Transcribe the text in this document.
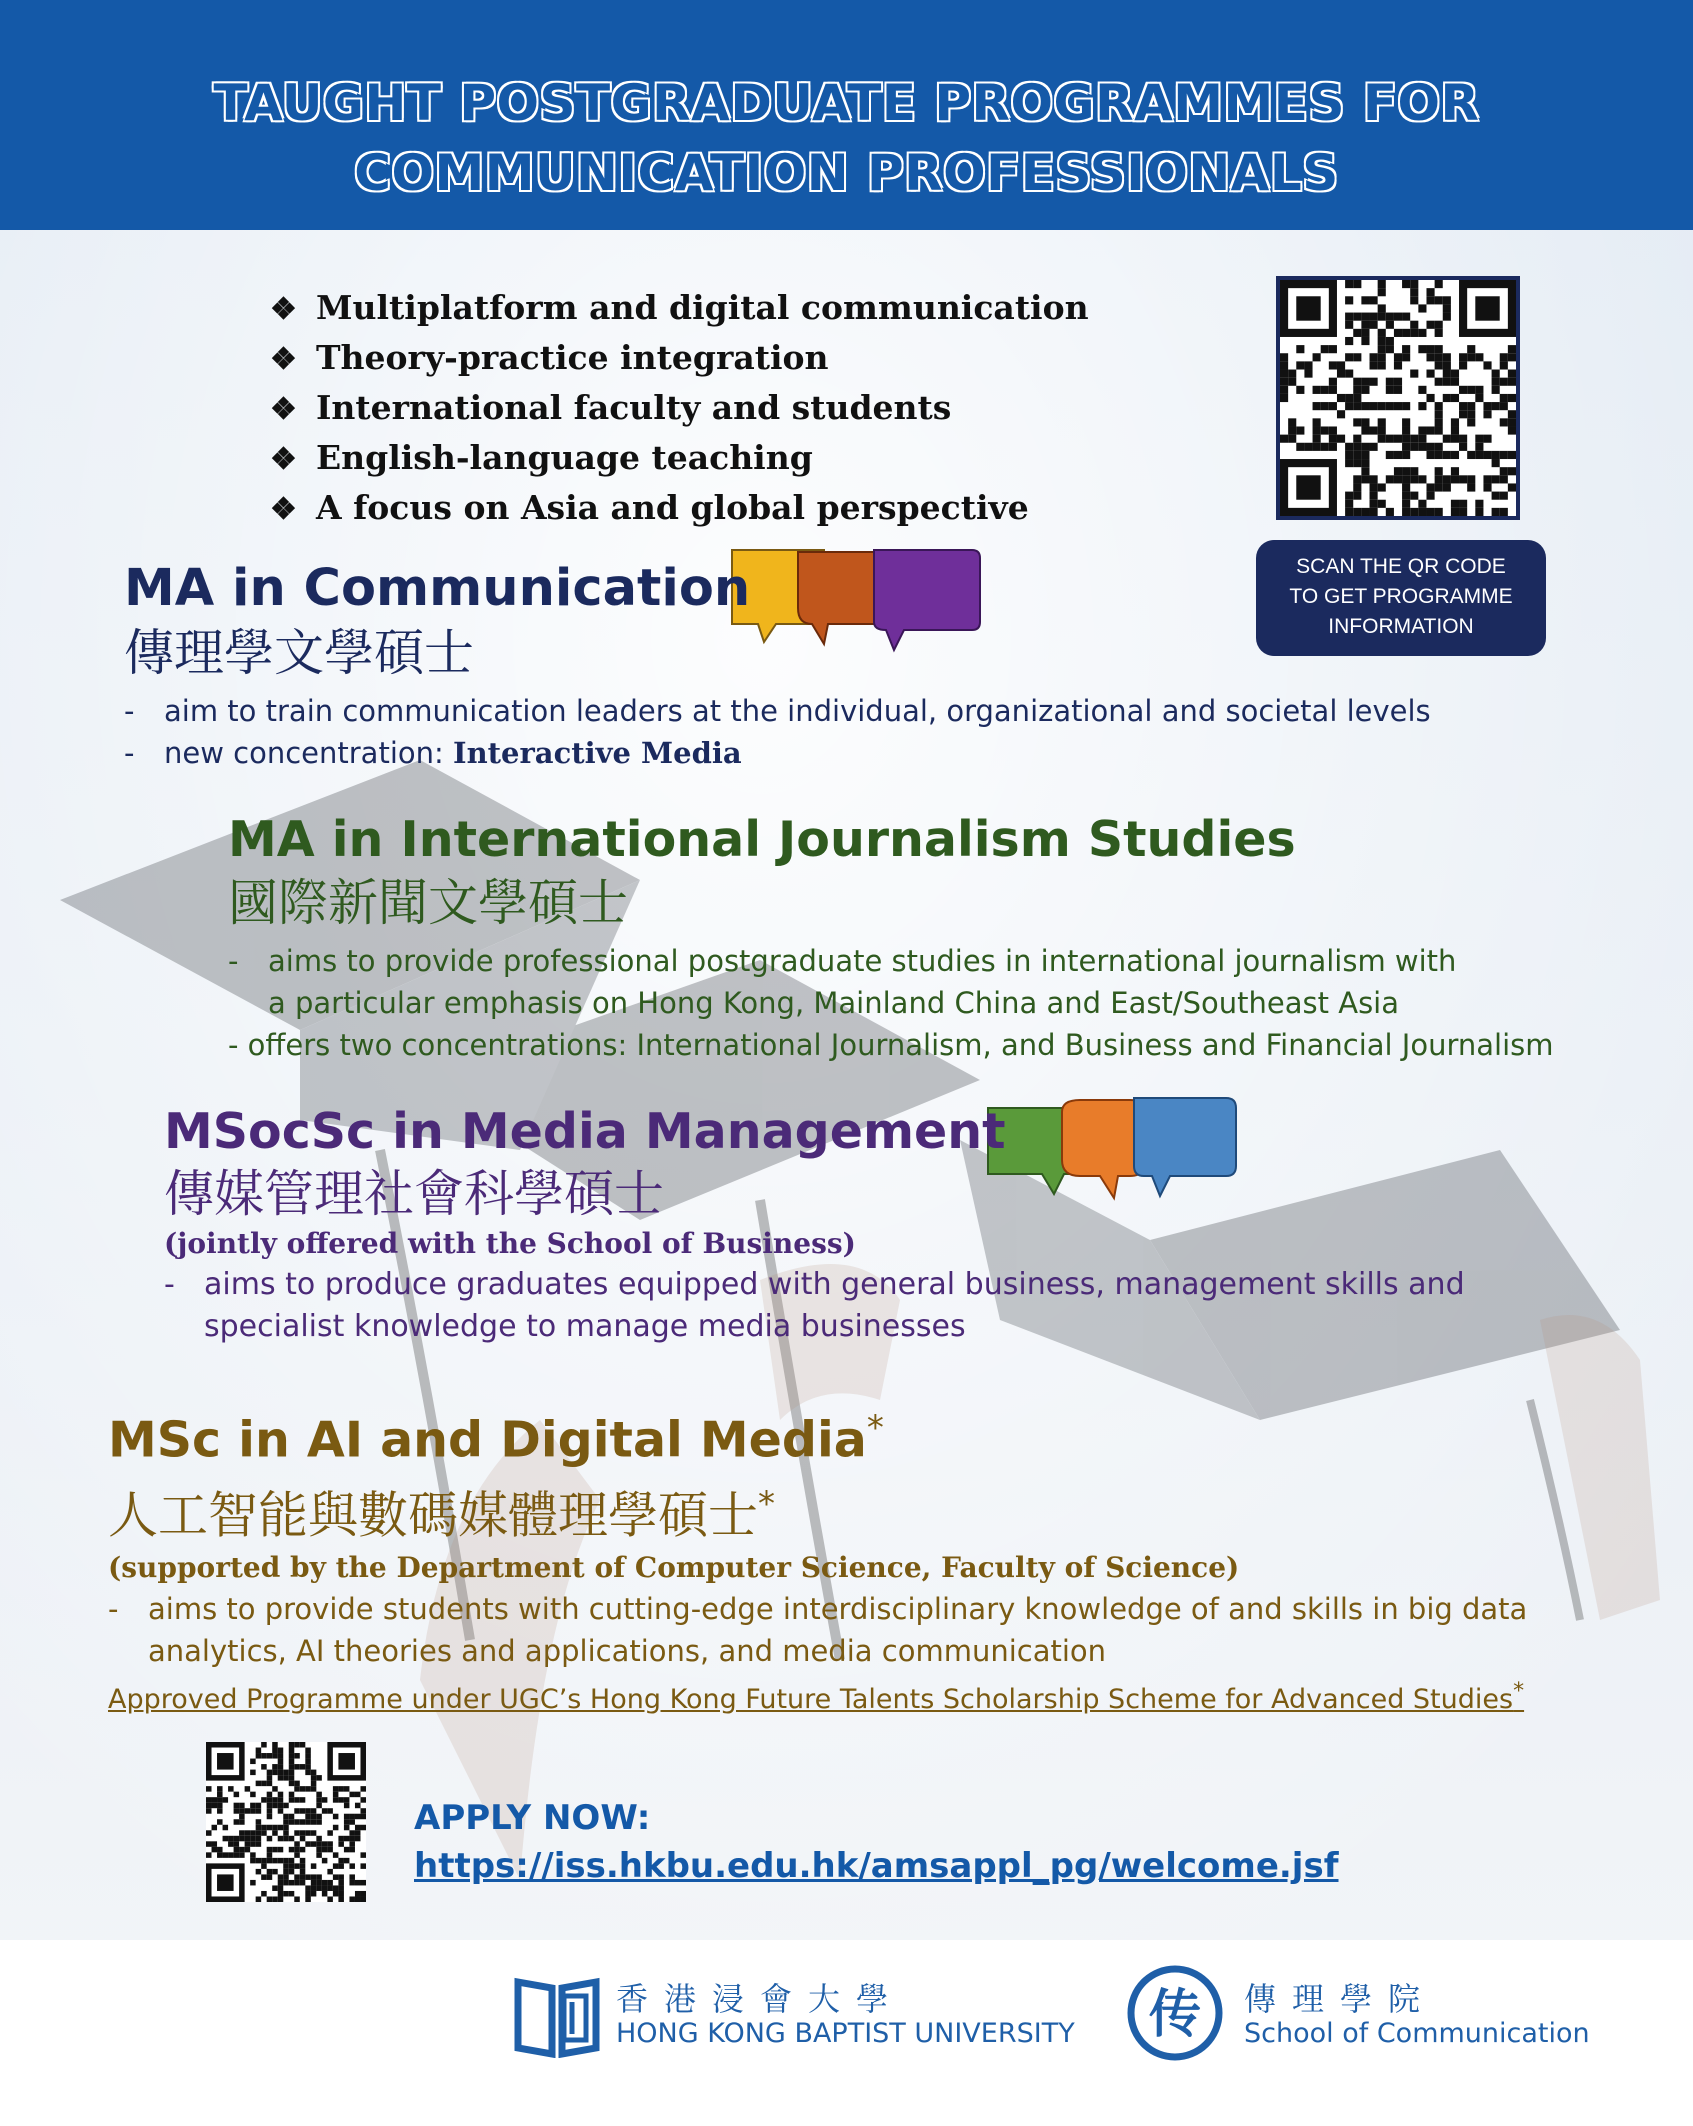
TAUGHT POSTGRADUATE PROGRAMMES FOR
COMMUNICATION PROFESSIONALS
❖ Multiplatform and digital communication
❖ Theory-practice integration
❖ International faculty and students
❖ English-language teaching
❖ A focus on Asia and global perspective
SCAN THE QR CODE
TO GET PROGRAMME
INFORMATION
MA in Communication
傳理學文學碩士
- aim to train communication leaders at the individual, organizational and societal levels
- new concentration: Interactive Media
MA in International Journalism Studies
國際新聞文學碩士
- aims to provide professional postgraduate studies in international journalism with
a particular emphasis on Hong Kong, Mainland China and East/Southeast Asia
- offers two concentrations: International Journalism, and Business and Financial Journalism
MSocSc in Media Management
傳媒管理社會科學碩士
(jointly offered with the School of Business)
- aims to produce graduates equipped with general business, management skills and
specialist knowledge to manage media businesses
MSc in AI and Digital Media*
人工智能與數碼媒體理學碩士*
(supported by the Department of Computer Science, Faculty of Science)
- aims to provide students with cutting-edge interdisciplinary knowledge of and skills in big data
analytics, AI theories and applications, and media communication
Approved Programme under UGC’s Hong Kong Future Talents Scholarship Scheme for Advanced Studies*
APPLY NOW:
https://iss.hkbu.edu.hk/amsappl_pg/welcome.jsf
香港浸會大學
HONG KONG BAPTIST UNIVERSITY 传 傳理學院
School of Communication
